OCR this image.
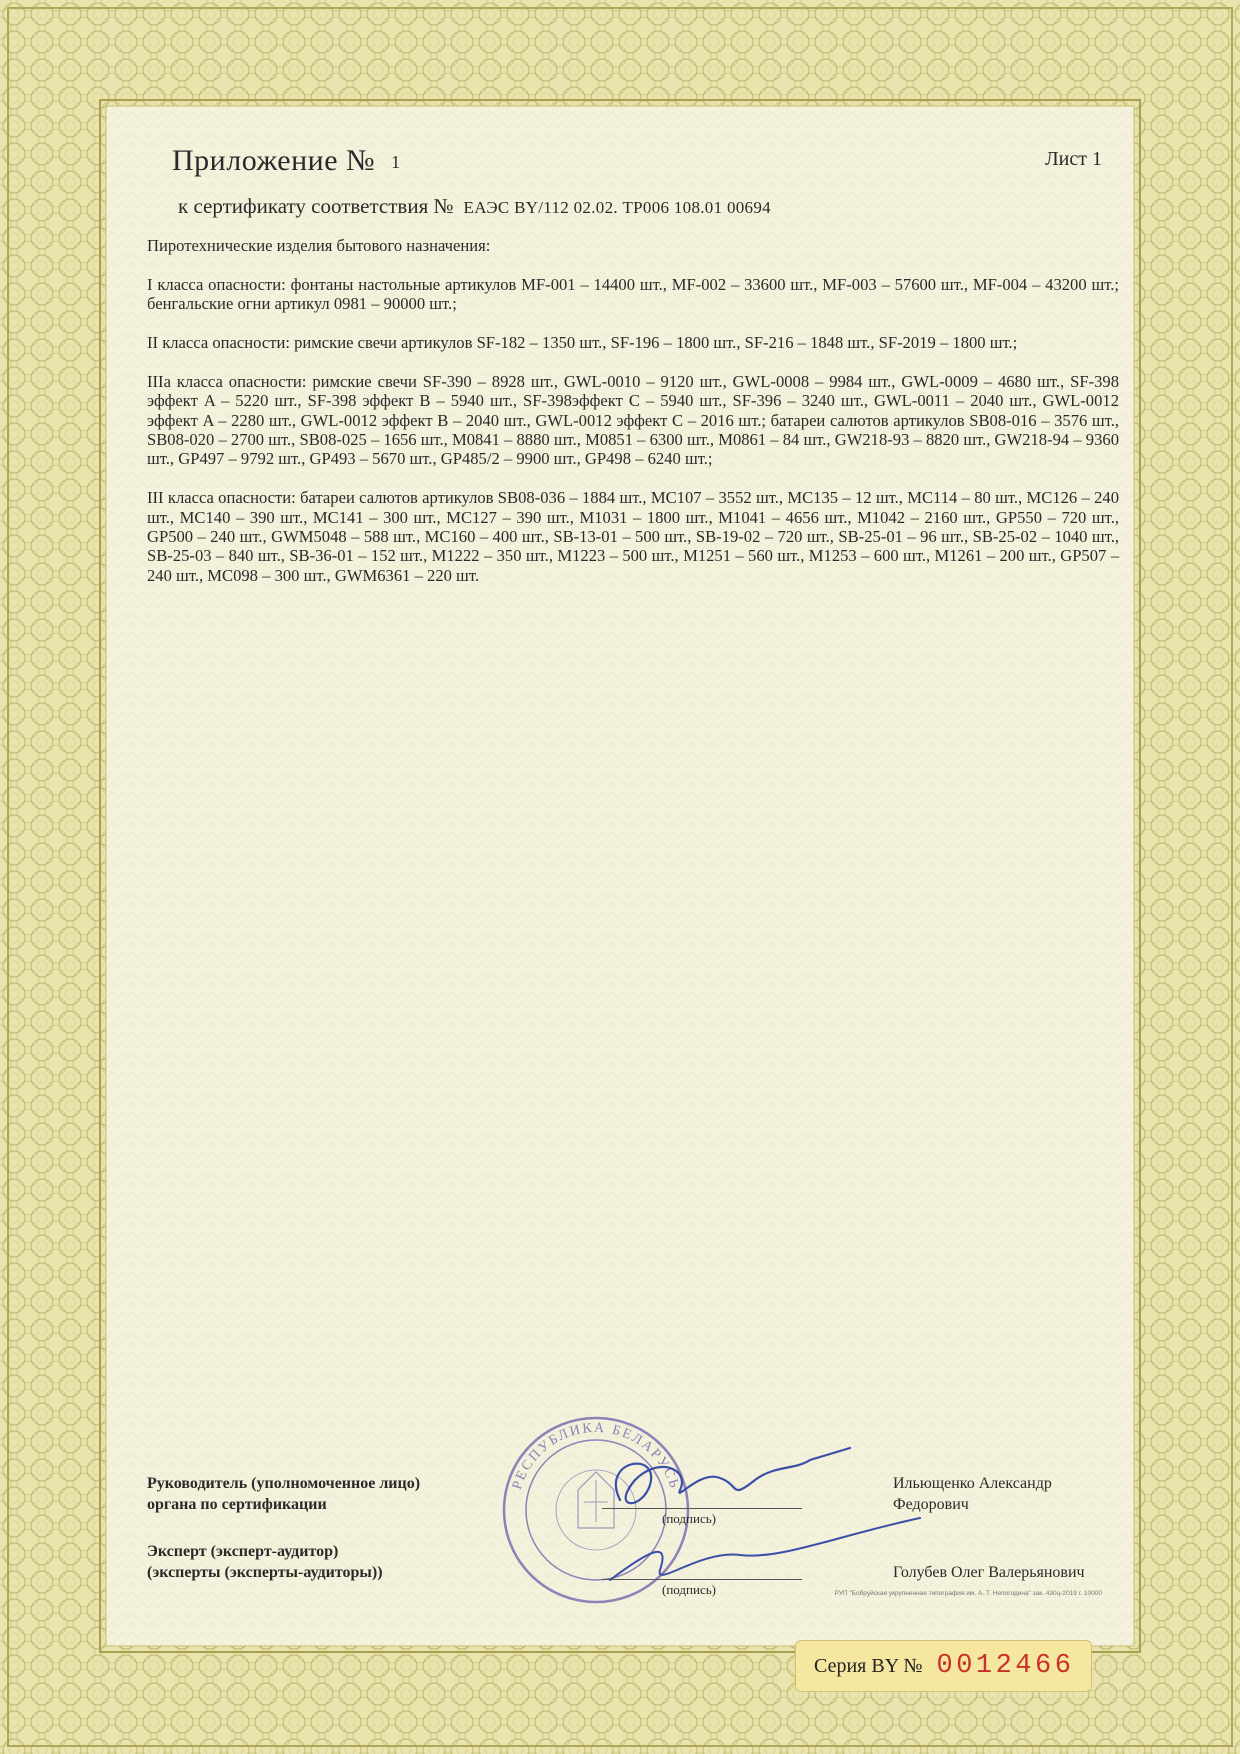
Приложение № 1	Лист 1
к сертификату соответствия № ЕАЭС BY/112 02.02. ТР006 108.01 00694

Пиротехнические изделия бытового назначения:

I класса опасности: фонтаны настольные артикулов MF-001 – 14400 шт., MF-002 – 33600 шт., MF-003 – 57600 шт., MF-004 – 43200 шт.; бенгальские огни артикул 0981 – 90000 шт.;

II класса опасности: римские свечи артикулов SF-182 – 1350 шт., SF-196 – 1800 шт., SF-216 – 1848 шт., SF-2019 – 1800 шт.;

IIIa класса опасности: римские свечи SF-390 – 8928 шт., GWL-0010 – 9120 шт., GWL-0008 – 9984 шт., GWL-0009 – 4680 шт., SF-398 эффект A – 5220 шт., SF-398 эффект B – 5940 шт., SF-398эффект C – 5940 шт., SF-396 – 3240 шт., GWL-0011 – 2040 шт., GWL-0012 эффект A – 2280 шт., GWL-0012 эффект B – 2040 шт., GWL-0012 эффект C – 2016 шт.; батареи салютов артикулов SB08-016 – 3576 шт., SB08-020 – 2700 шт., SB08-025 – 1656 шт., M0841 – 8880 шт., M0851 – 6300 шт., M0861 – 84 шт., GW218-93 – 8820 шт., GW218-94 – 9360 шт., GP497 – 9792 шт., GP493 – 5670 шт., GP485/2 – 9900 шт., GP498 – 6240 шт.;

III класса опасности: батареи салютов артикулов SB08-036 – 1884 шт., MC107 – 3552 шт., MC135 – 12 шт., MC114 – 80 шт., MC126 – 240 шт., MC140 – 390 шт., MC141 – 300 шт., MC127 – 390 шт., M1031 – 1800 шт., M1041 – 4656 шт., M1042 – 2160 шт., GP550 – 720 шт., GP500 – 240 шт., GWM5048 – 588 шт., MC160 – 400 шт., SB-13-01 – 500 шт., SB-19-02 – 720 шт., SB-25-01 – 96 шт., SB-25-02 – 1040 шт., SB-25-03 – 840 шт., SB-36-01 – 152 шт., M1222 – 350 шт., M1223 – 500 шт., M1251 – 560 шт., M1253 – 600 шт., M1261 – 200 шт., GP507 – 240 шт., MC098 – 300 шт., GWM6361 – 220 шт.

РЕСПУБЛИКА БЕЛАРУСЬ
Руководитель (уполномоченное лицо)
органа по сертификации
(подпись)
Ильющенко Александр
Федорович
Эксперт (эксперт-аудитор)
(эксперты (эксперты-аудиторы))
(подпись)
Голубев Олег Валерьянович
РУП "Бобруйская укрупненная типография им. А. Т. Непогодина" зак. 430ц-2019 г. 10000
Серия BY № 0012466
